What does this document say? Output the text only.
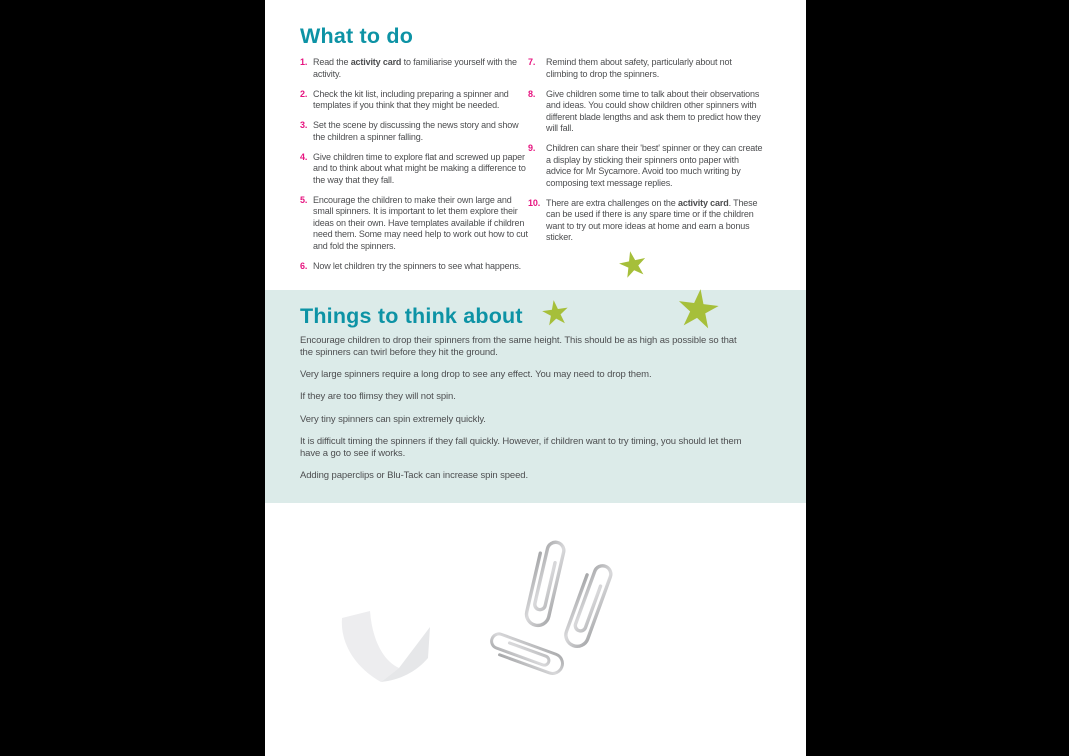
What to do
1. Read the activity card to familiarise yourself with the activity.
2. Check the kit list, including preparing a spinner and templates if you think that they might be needed.
3. Set the scene by discussing the news story and show the children a spinner falling.
4. Give children time to explore flat and screwed up paper and to think about what might be making a difference to the way that they fall.
5. Encourage the children to make their own large and small spinners. It is important to let them explore their ideas on their own. Have templates available if children need them. Some may need help to work out how to cut and fold the spinners.
6. Now let children try the spinners to see what happens.
7.	Remind them about safety, particularly about not climbing to drop the spinners.
8.	Give children some time to talk about their observations and ideas. You could show children other spinners with different blade lengths and ask them to predict how they will fall.
9.	Children can share their 'best' spinner or they can create a display by sticking their spinners onto paper with advice for Mr Sycamore. Avoid too much writing by composing text message replies.
10. There are extra challenges on the activity card. These can be used if there is any spare time or if the children want to try out more ideas at home and earn a bonus sticker.
Things to think about

Encourage children to drop their spinners from the same height. This should be as high as possible so that the spinners can twirl before they hit the ground.

Very large spinners require a long drop to see any effect. You may need to drop them.

If they are too flimsy they will not spin.

Very tiny spinners can spin extremely quickly.

It is difficult timing the spinners if they fall quickly. However, if children want to try timing, you should let them have a go to see if works.

Adding paperclips or Blu-Tack can increase spin speed.
